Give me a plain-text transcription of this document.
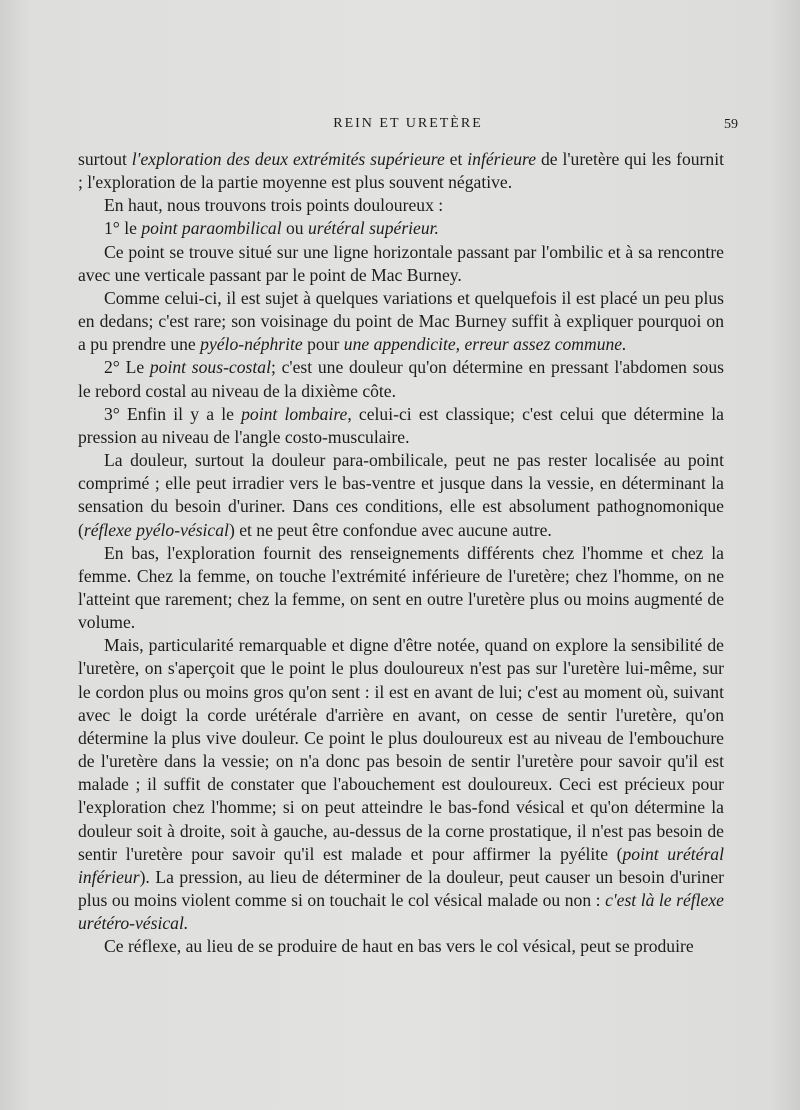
REIN ET URETÈRE	59

surtout l'exploration des deux extrémités supérieure et inférieure de l'uretère qui les fournit ; l'exploration de la partie moyenne est plus souvent négative.

En haut, nous trouvons trois points douloureux :

1° le point paraombilical ou urétéral supérieur.

Ce point se trouve situé sur une ligne horizontale passant par l'ombilic et à sa rencontre avec une verticale passant par le point de Mac Burney.

Comme celui-ci, il est sujet à quelques variations et quelquefois il est placé un peu plus en dedans; c'est rare; son voisinage du point de Mac Burney suffit à expliquer pourquoi on a pu prendre une pyélo-néphrite pour une appendicite, erreur assez commune.

2° Le point sous-costal; c'est une douleur qu'on détermine en pressant l'abdomen sous le rebord costal au niveau de la dixième côte.

3° Enfin il y a le point lombaire, celui-ci est classique; c'est celui que détermine la pression au niveau de l'angle costo-musculaire.

La douleur, surtout la douleur para-ombilicale, peut ne pas rester localisée au point comprimé ; elle peut irradier vers le bas-ventre et jusque dans la vessie, en déterminant la sensation du besoin d'uriner. Dans ces conditions, elle est absolument pathognomonique (réflexe pyélo-vésical) et ne peut être confondue avec aucune autre.

En bas, l'exploration fournit des renseignements différents chez l'homme et chez la femme. Chez la femme, on touche l'extrémité inférieure de l'uretère; chez l'homme, on ne l'atteint que rarement; chez la femme, on sent en outre l'uretère plus ou moins augmenté de volume.

Mais, particularité remarquable et digne d'être notée, quand on explore la sensibilité de l'uretère, on s'aperçoit que le point le plus douloureux n'est pas sur l'uretère lui-même, sur le cordon plus ou moins gros qu'on sent : il est en avant de lui; c'est au moment où, suivant avec le doigt la corde urétérale d'arrière en avant, on cesse de sentir l'uretère, qu'on détermine la plus vive douleur. Ce point le plus douloureux est au niveau de l'embouchure de l'uretère dans la vessie; on n'a donc pas besoin de sentir l'uretère pour savoir qu'il est malade ; il suffit de constater que l'abouchement est douloureux. Ceci est précieux pour l'exploration chez l'homme; si on peut atteindre le bas-fond vésical et qu'on détermine la douleur soit à droite, soit à gauche, au-dessus de la corne prostatique, il n'est pas besoin de sentir l'uretère pour savoir qu'il est malade et pour affirmer la pyélite (point urétéral inférieur). La pression, au lieu de déterminer de la douleur, peut causer un besoin d'uriner plus ou moins violent comme si on touchait le col vésical malade ou non : c'est là le réflexe urétéro-vésical.

Ce réflexe, au lieu de se produire de haut en bas vers le col vésical, peut se produire
